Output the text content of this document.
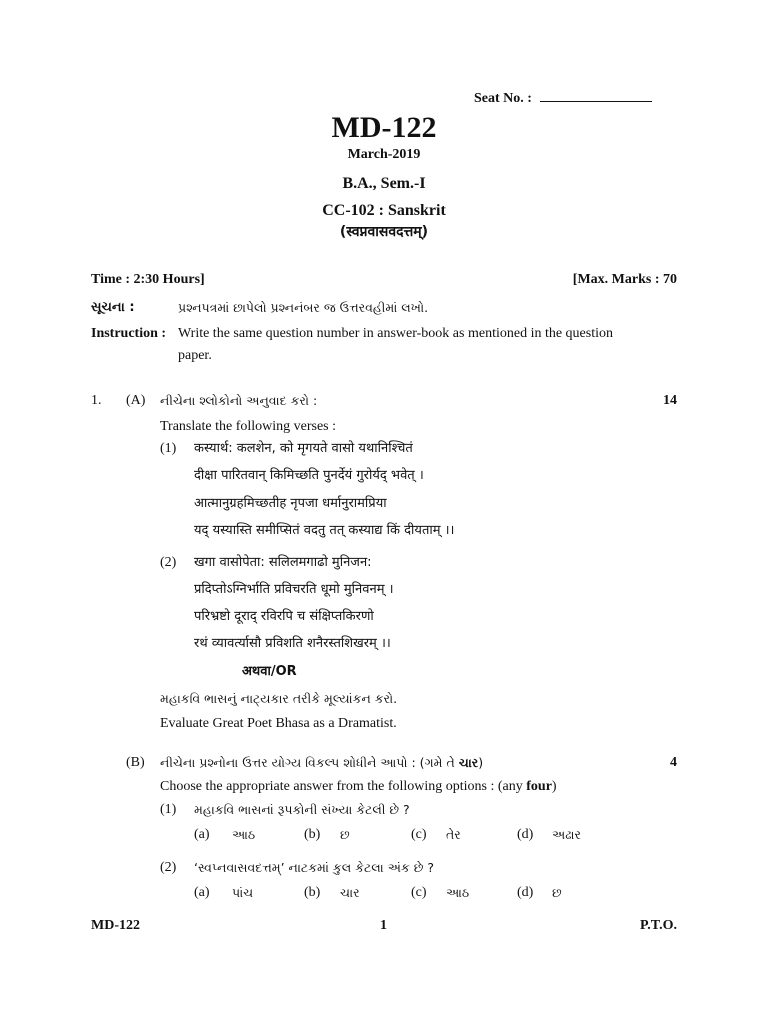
Seat No. :
MD-122
March-2019
B.A., Sem.-I
CC-102 : Sanskrit
(स्वप्नवासवदत्तम्)
Time : 2:30 Hours]	[Max. Marks : 70
સૂચના :	પ્રશ્નપત્રમાં છાપેલો પ્રશ્નનંબર જ ઉત્તરવહીમાં લખો.
Instruction : Write the same question number in answer-book as mentioned in the question
paper.
1. (A) નીચેના શ્લોકોનો અનુવાદ કરો :	14
Translate the following verses :
(1) कस्यार्थ: कलशेन, को मृगयते वासो यथानिश्चितं
दीक्षा पारितवान् किमिच्छति पुनर्देयं गुरोर्यद् भवेत् ।
आत्मानुग्रहमिच्छतीह नृपजा धर्मानुरामप्रिया
यद् यस्यास्ति समीप्सितं वदतु तत् कस्याद्य किं दीयताम् ।।
(2) खगा वासोपेता: सलिलमगाढो मुनिजन:
प्रदिप्तोऽग्निर्भाति प्रविचरति धूमो मुनिवनम् ।
परिभ्रष्टो दूराद् रविरपि च संक्षिप्तकिरणो
रथं व्यावर्त्यासौ प्रविशति शनैरस्तशिखरम् ।।
अथवा/OR
મહાકવિ ભાસનું નાટ્યકાર તરીકે મૂલ્યાંકન કરો.
Evaluate Great Poet Bhasa as a Dramatist.
(B) નીચેના પ્રશ્નોના ઉત્તર યોગ્ય વિકલ્પ શોધીને આપો : (ગમે તે ચાર)	4
Choose the appropriate answer from the following options : (any four)
(1) મહાકવિ ભાસનાં રૂપકોની સંખ્યા કેટલી છે ?
(a) આઠ	(b) છ	(c) તેર	(d) અઢાર
(2) ‘સ્વપ્નવાસવદત્તમ્’ નાટકમાં કુલ કેટલા અંક છે ?
(a) પાંચ	(b) ચાર	(c) આઠ	(d) છ
MD-122	1	P.T.O.
